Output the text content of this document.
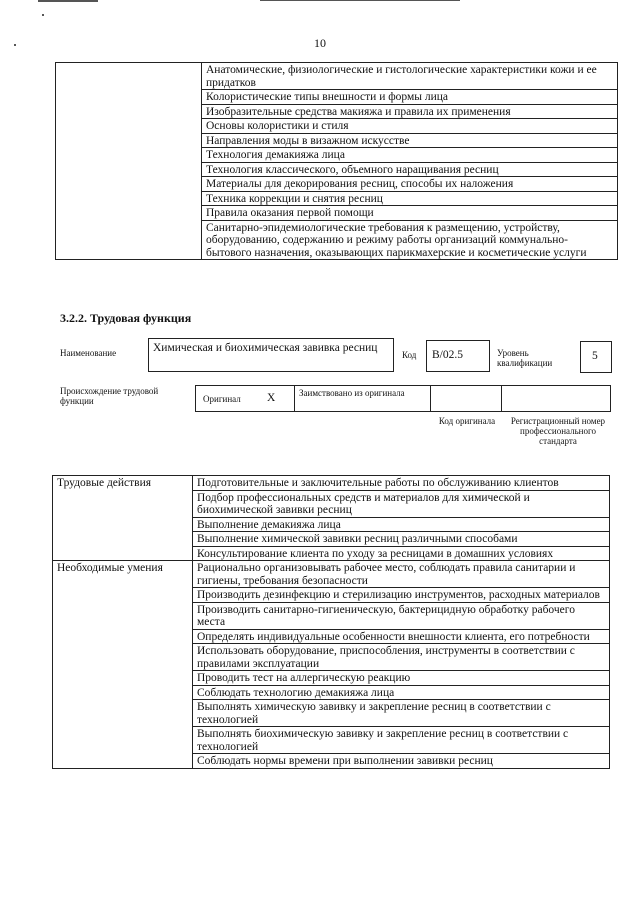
10
	Анатомические, физиологические и гистологические характеристики кожи и ее придатков
Колористические типы внешности и формы лица
Изобразительные средства макияжа и правила их применения
Основы колористики и стиля
Направления моды в визажном искусстве
Технология демакияжа лица
Технология классического, объемного наращивания ресниц
Материалы для декорирования ресниц, способы их наложения
Техника коррекции и снятия ресниц
Правила оказания первой помощи
Санитарно-эпидемиологические требования к размещению, устройству, оборудованию, содержанию и режиму работы организаций коммунально-бытового назначения, оказывающих парикмахерские и косметические услуги
3.2.2. Трудовая функция
Наименование	Химическая и биохимическая завивка ресниц
Код B/02.5	Уровень квалификации
5
Происхождение трудовой функции	Оригинал X	Заимствовано из оригинала
Код оригинала	Регистрационный номер профессионального стандарта
Трудовые действия	Подготовительные и заключительные работы по обслуживанию клиентов
	Подбор профессиональных средств и материалов для химической и биохимической завивки ресниц
	Выполнение демакияжа лица
	Выполнение химической завивки ресниц различными способами
	Консультирование клиента по уходу за ресницами в домашних условиях
Необходимые умения	Рационально организовывать рабочее место, соблюдать правила санитарии и гигиены, требования безопасности
	Производить дезинфекцию и стерилизацию инструментов, расходных материалов
	Производить санитарно-гигиеническую, бактерицидную обработку рабочего места
	Определять индивидуальные особенности внешности клиента, его потребности
	Использовать оборудование, приспособления, инструменты в соответствии с правилами эксплуатации
	Проводить тест на аллергическую реакцию
	Соблюдать технологию демакияжа лица
	Выполнять химическую завивку и закрепление ресниц в соответствии с технологией
	Выполнять биохимическую завивку и закрепление ресниц в соответствии с технологией
	Соблюдать нормы времени при выполнении завивки ресниц
